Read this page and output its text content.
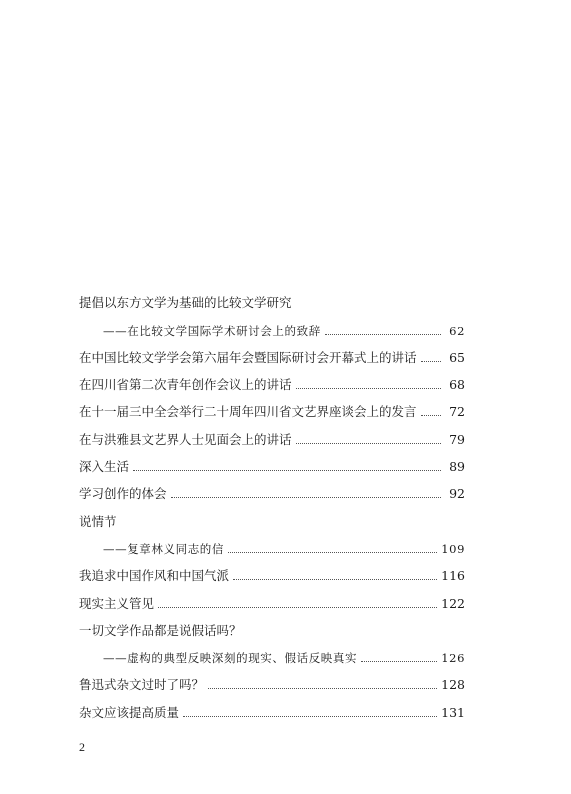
提倡以东方文学为基础的比较文学研究
——在比较文学国际学术研讨会上的致辞	62
在中国比较文学学会第六届年会暨国际研讨会开幕式上的讲话	65
在四川省第二次青年创作会议上的讲话	68
在十一届三中全会举行二十周年四川省文艺界座谈会上的发言	72
在与洪雅县文艺界人士见面会上的讲话	79
深入生活	89
学习创作的体会	92
说情节
——复章林义同志的信	109
我追求中国作风和中国气派	116
现实主义管见	122
一切文学作品都是说假话吗？
——虚构的典型反映深刻的现实、假话反映真实	126
鲁迅式杂文过时了吗？	128
杂文应该提高质量	131
2
